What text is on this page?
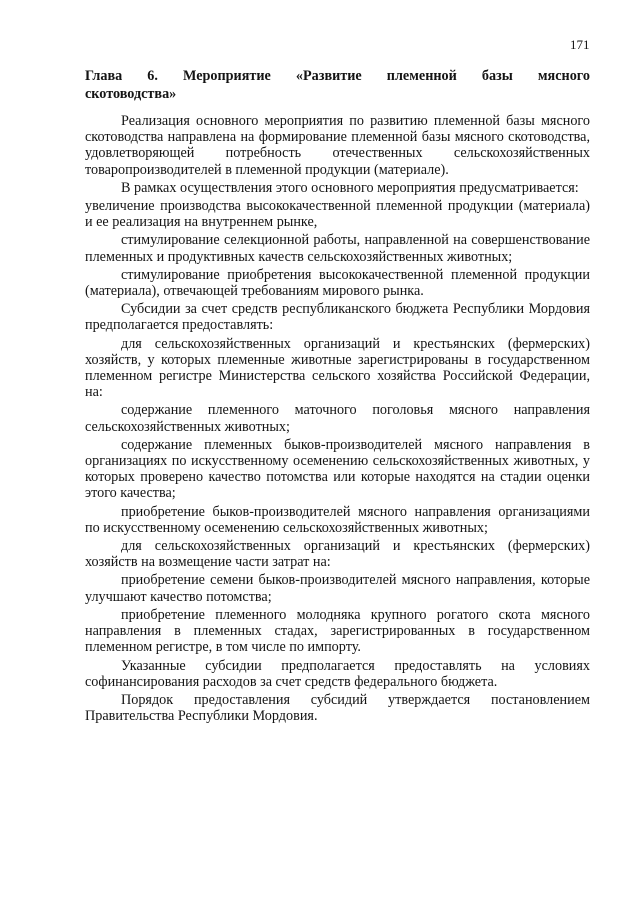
171
Глава 6. Мероприятие «Развитие племенной базы мясного
скотоводства»

Реализация основного мероприятия по развитию племенной базы мясного скотоводства направлена на формирование племенной базы мясного скотоводства, удовлетворяющей потребность отечественных сельскохозяйственных товаропроизводителей в племенной продукции (материале).

В рамках осуществления этого основного мероприятия предусматривается:

увеличение производства высококачественной племенной продукции (материала) и ее реализация на внутреннем рынке,

стимулирование селекционной работы, направленной на совершенствование племенных и продуктивных качеств сельскохозяйственных животных;

стимулирование приобретения высококачественной племенной продукции (материала), отвечающей требованиям мирового рынка.

Субсидии за счет средств республиканского бюджета Республики Мордовия предполагается предоставлять:

для сельскохозяйственных организаций и крестьянских (фермерских) хозяйств, у которых племенные животные зарегистрированы в государственном племенном регистре Министерства сельского хозяйства Российской Федерации, на:

содержание племенного маточного поголовья мясного направления сельскохозяйственных животных;

содержание племенных быков-производителей мясного направления в организациях по искусственному осеменению сельскохозяйственных животных, у которых проверено качество потомства или которые находятся на стадии оценки этого качества;

приобретение быков-производителей мясного направления организациями по искусственному осеменению сельскохозяйственных животных;

для сельскохозяйственных организаций и крестьянских (фермерских) хозяйств на возмещение части затрат на:

приобретение семени быков-производителей мясного направления, которые улучшают качество потомства;

приобретение племенного молодняка крупного рогатого скота мясного направления в племенных стадах, зарегистрированных в государственном племенном регистре, в том числе по импорту.

Указанные субсидии предполагается предоставлять на условиях софинансирования расходов за счет средств федерального бюджета.

Порядок предоставления субсидий утверждается постановлением Правительства Республики Мордовия.
